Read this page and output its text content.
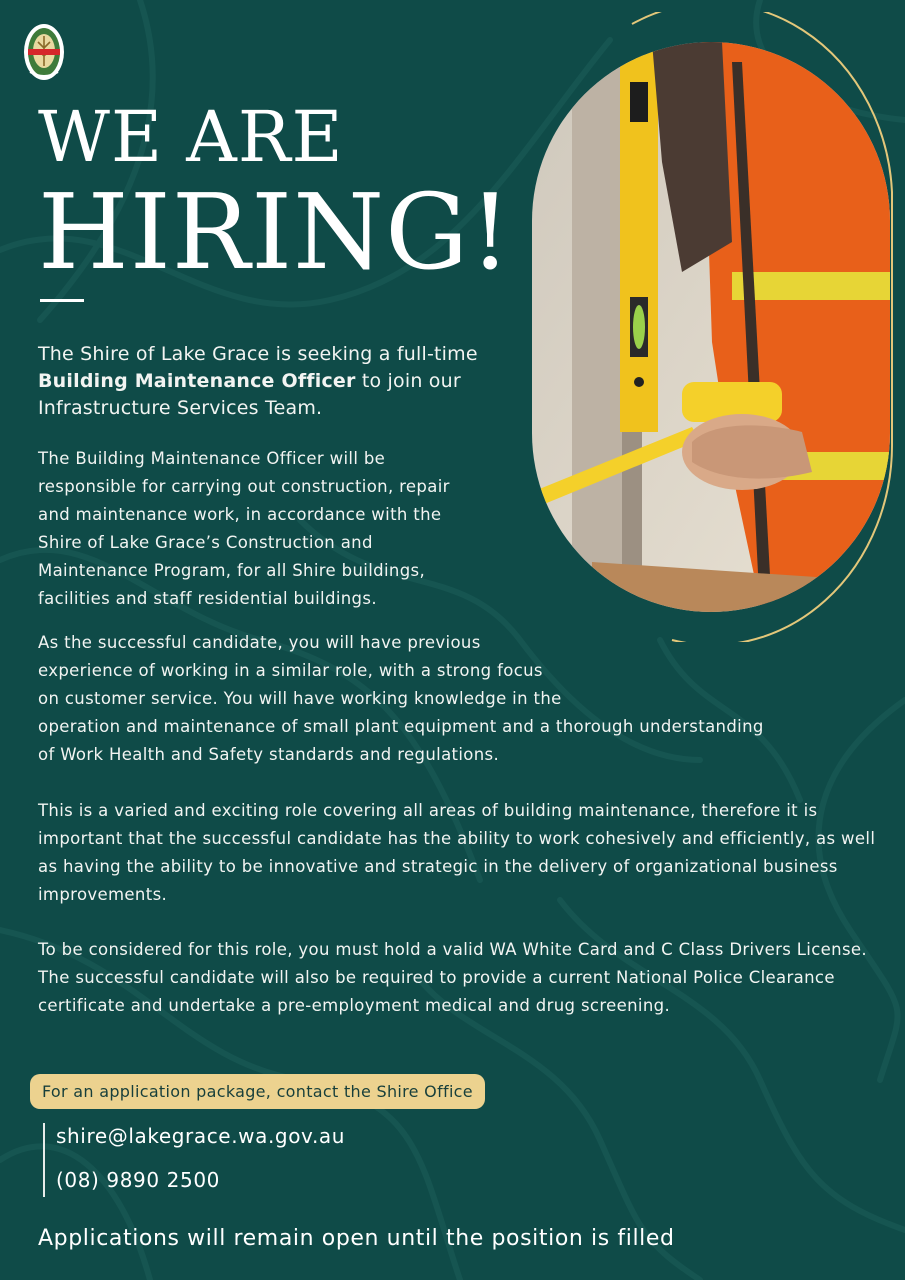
WE ARE
HIRING!

The Shire of Lake Grace is seeking a full-time Building Maintenance Officer to join our Infrastructure Services Team.

The Building Maintenance Officer will be
responsible for carrying out construction, repair
and maintenance work, in accordance with the
Shire of Lake Grace’s Construction and
Maintenance Program, for all Shire buildings,
facilities and staff residential buildings.

As the successful candidate, you will have previous
experience of working in a similar role, with a strong focus
on customer service. You will have working knowledge in the
operation and maintenance of small plant equipment and a thorough understanding
of Work Health and Safety standards and regulations.

This is a varied and exciting role covering all areas of building maintenance, therefore it is important that the successful candidate has the ability to work cohesively and efficiently, as well as having the ability to be innovative and strategic in the delivery of organizational business improvements.

To be considered for this role, you must hold a valid WA White Card and C Class Drivers License. The successful candidate will also be required to provide a current National Police Clearance certificate and undertake a pre-employment medical and drug screening.

For an application package, contact the Shire Office
shire@lakegrace.wa.gov.au
(08) 9890 2500

Applications will remain open until the position is filled
